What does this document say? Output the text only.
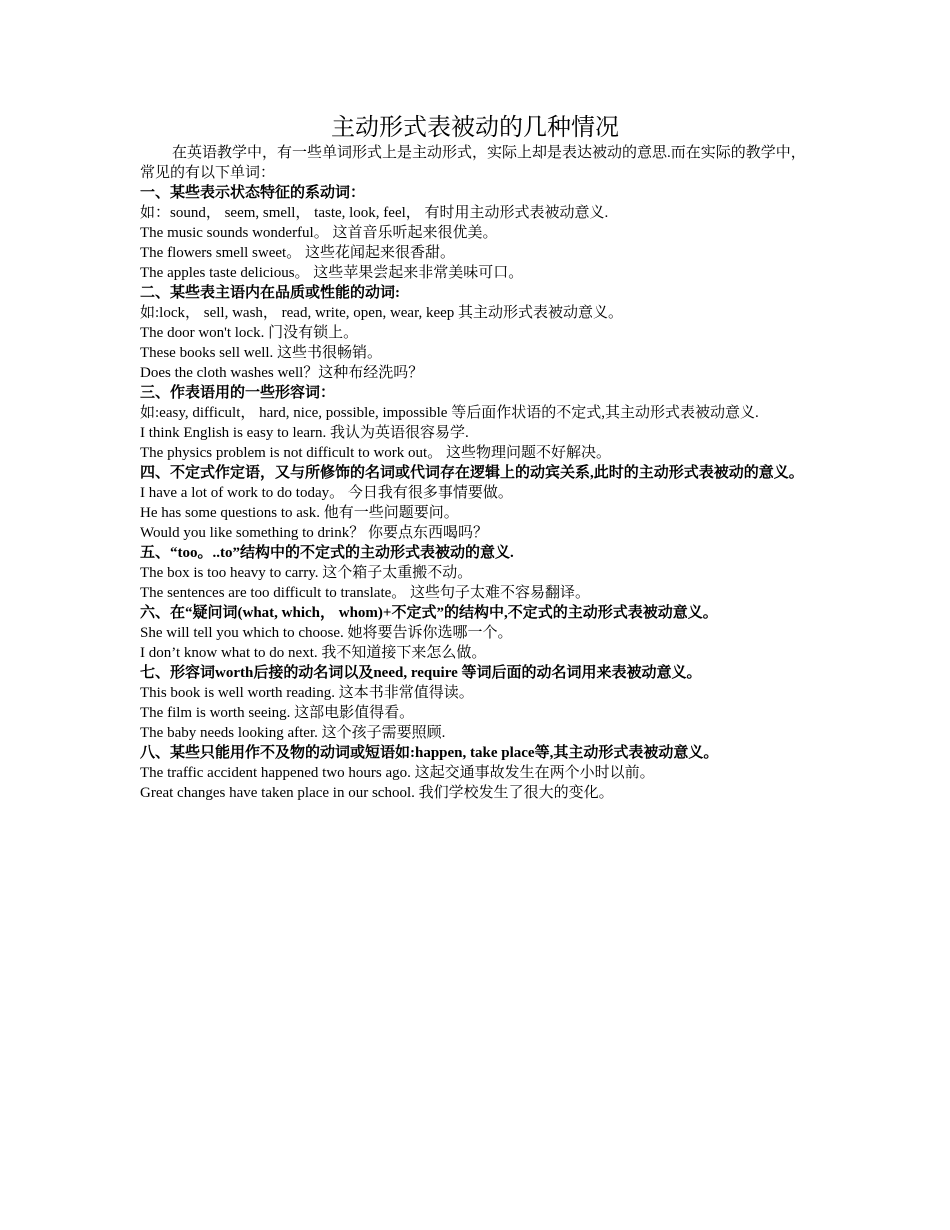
主动形式表被动的几种情况

在英语教学中，有一些单词形式上是主动形式，实际上却是表达被动的意思.而在实际的教学中，常见的有以下单词：

一、某些表示状态特征的系动词：

如：sound， seem, smell， taste, look, feel， 有时用主动形式表被动意义.

The music sounds wonderful。 这首音乐听起来很优美。

The flowers smell sweet。 这些花闻起来很香甜。

The apples taste delicious。 这些苹果尝起来非常美味可口。

二、某些表主语内在品质或性能的动词:

如:lock， sell, wash， read, write, open, wear, keep 其主动形式表被动意义。

The door won't lock. 门没有锁上。

These books sell well. 这些书很畅销。

Does the cloth washes well？这种布经洗吗？

三、作表语用的一些形容词：

如:easy, difficult， hard, nice, possible, impossible 等后面作状语的不定式,其主动形式表被动意义.

I think English is easy to learn. 我认为英语很容易学.

The physics problem is not difficult to work out。 这些物理问题不好解决。

四、不定式作定语，又与所修饰的名词或代词存在逻辑上的动宾关系,此时的主动形式表被动的意义。

I have a lot of work to do today。 今日我有很多事情要做。

He has some questions to ask. 他有一些问题要问。

Would you like something to drink？ 你要点东西喝吗？

五、“too。..to”结构中的不定式的主动形式表被动的意义.

The box is too heavy to carry. 这个箱子太重搬不动。

The sentences are too difficult to translate。 这些句子太难不容易翻译。

六、在“疑问词(what, which， whom)+不定式”的结构中,不定式的主动形式表被动意义。

She will tell you which to choose. 她将要告诉你选哪一个。

I don’t know what to do next. 我不知道接下来怎么做。

七、形容词worth后接的动名词以及need, require 等词后面的动名词用来表被动意义。

This book is well worth reading. 这本书非常值得读。

The film is worth seeing. 这部电影值得看。

The baby needs looking after. 这个孩子需要照顾.

八、某些只能用作不及物的动词或短语如:happen, take place等,其主动形式表被动意义。

The traffic accident happened two hours ago. 这起交通事故发生在两个小时以前。

Great changes have taken place in our school. 我们学校发生了很大的变化。
